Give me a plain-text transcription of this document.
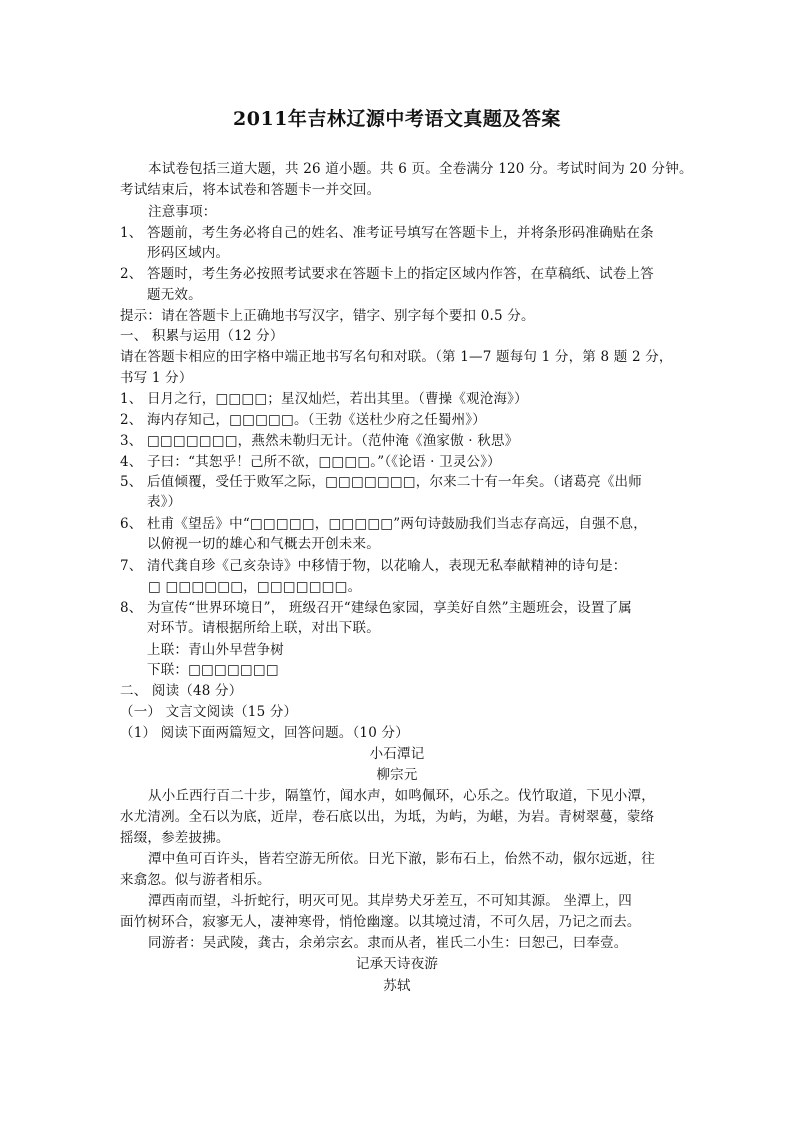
2011年吉林辽源中考语文真题及答案
本试卷包括三道大题，共 26 道小题。共 6 页。全卷满分 120 分。考试时间为 20 分钟。
考试结束后，将本试卷和答题卡一并交回。
注意事项：
1、 答题前，考生务必将自己的姓名、准考证号填写在答题卡上，并将条形码准确贴在条
形码区域内。
2、 答题时，考生务必按照考试要求在答题卡上的指定区域内作答，在草稿纸、试卷上答
题无效。
提示：请在答题卡上正确地书写汉字，错字、别字每个要扣 0.5 分。
一、 积累与运用（12 分）
请在答题卡相应的田字格中端正地书写名句和对联。（第 1—7 题每句 1 分，第 8 题 2 分，
书写 1 分）
1、 日月之行，□□□□；星汉灿烂，若出其里。（曹操《观沧海》）
2、 海内存知己，□□□□□。（王勃《送杜少府之任蜀州》）
3、 □□□□□□□，燕然未勒归无计。（范仲淹《渔家傲 · 秋思》
4、 子曰：“其恕乎！己所不欲，□□□□。”（《论语 · 卫灵公》）
5、 后值倾覆，受任于败军之际，□□□□□□□，尔来二十有一年矣。（诸葛亮《出师
表》）
6、 杜甫《望岳》中“□□□□□，□□□□□”两句诗鼓励我们当志存高远，自强不息，
以俯视一切的雄心和气概去开创未来。
7、 清代龚自珍《己亥杂诗》中移情于物，以花喻人，表现无私奉献精神的诗句是：
□ □□□□□□，□□□□□□□。
8、 为宣传“世界环境日”， 班级召开“建绿色家园，享美好自然”主题班会，设置了属
对环节。请根据所给上联，对出下联。
上联：青山外早营争树
下联：□□□□□□□
二、 阅读（48 分）
（一） 文言文阅读（15 分）
（1） 阅读下面两篇短文，回答问题。（10 分）
小石潭记
柳宗元
从小丘西行百二十步，隔篁竹，闻水声，如鸣佩环，心乐之。伐竹取道，下见小潭，
水尤清冽。全石以为底，近岸，卷石底以出，为坻，为屿，为嵁，为岩。青树翠蔓，蒙络
摇缀，参差披拂。
潭中鱼可百许头，皆若空游无所依。日光下澈，影布石上，佁然不动，俶尔远逝，往
来翕忽。似与游者相乐。
潭西南而望，斗折蛇行，明灭可见。其岸势犬牙差互，不可知其源。 坐潭上，四
面竹树环合，寂寥无人，凄神寒骨，悄怆幽邃。以其境过清，不可久居，乃记之而去。
同游者：吴武陵，龚古，余弟宗玄。隶而从者，崔氏二小生：曰恕己，曰奉壹。
记承天诗夜游
苏轼
